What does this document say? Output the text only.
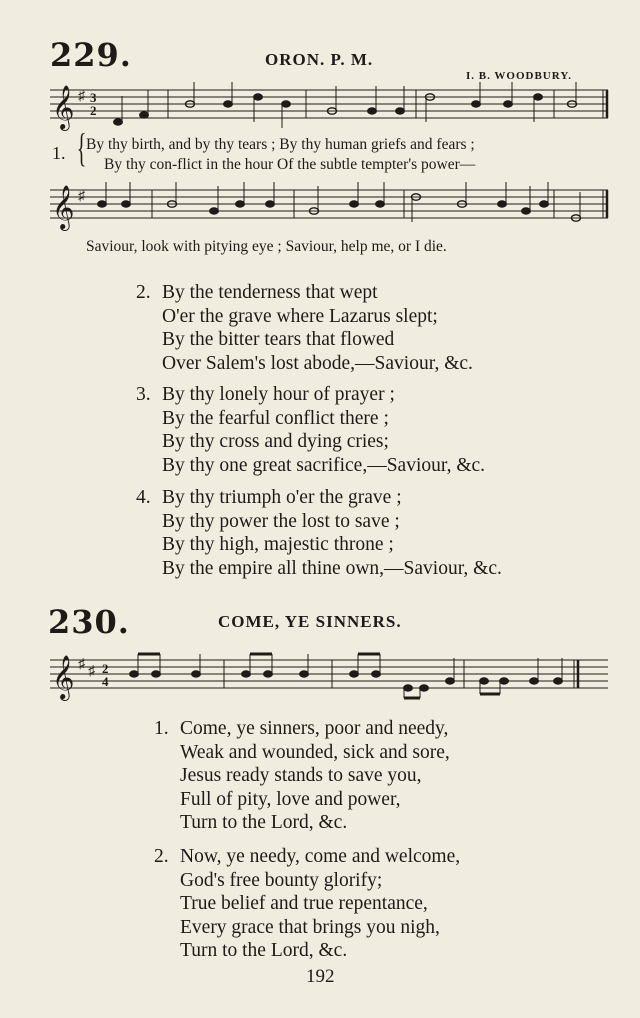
229.	ORON. P. M.
I. B. WOODBURY.
𝄞 ♯ 3
2
1. { By thy birth, and by thy tears ; By thy human griefs and fears ;
By thy con-flict in the hour Of the subtle tempter's power—
𝄞 ♯
Saviour, look with pitying eye ; Saviour, help me, or I die.
2. By the tenderness that wept
O'er the grave where Lazarus slept;
By the bitter tears that flowed
Over Salem's lost abode,—Saviour, &c.
3. By thy lonely hour of prayer ;
By the fearful conflict there ;
By thy cross and dying cries;
By thy one great sacrifice,—Saviour, &c.
4. By thy triumph o'er the grave ;
By thy power the lost to save ;
By thy high, majestic throne ;
By the empire all thine own,—Saviour, &c.
230.	COME, YE SINNERS.
𝄞 ♯ ♯ 2
4
1. Come, ye sinners, poor and needy,
Weak and wounded, sick and sore,
Jesus ready stands to save you,
Full of pity, love and power,
Turn to the Lord, &c.
2. Now, ye needy, come and welcome,
God's free bounty glorify;
True belief and true repentance,
Every grace that brings you nigh,
Turn to the Lord, &c.
192
